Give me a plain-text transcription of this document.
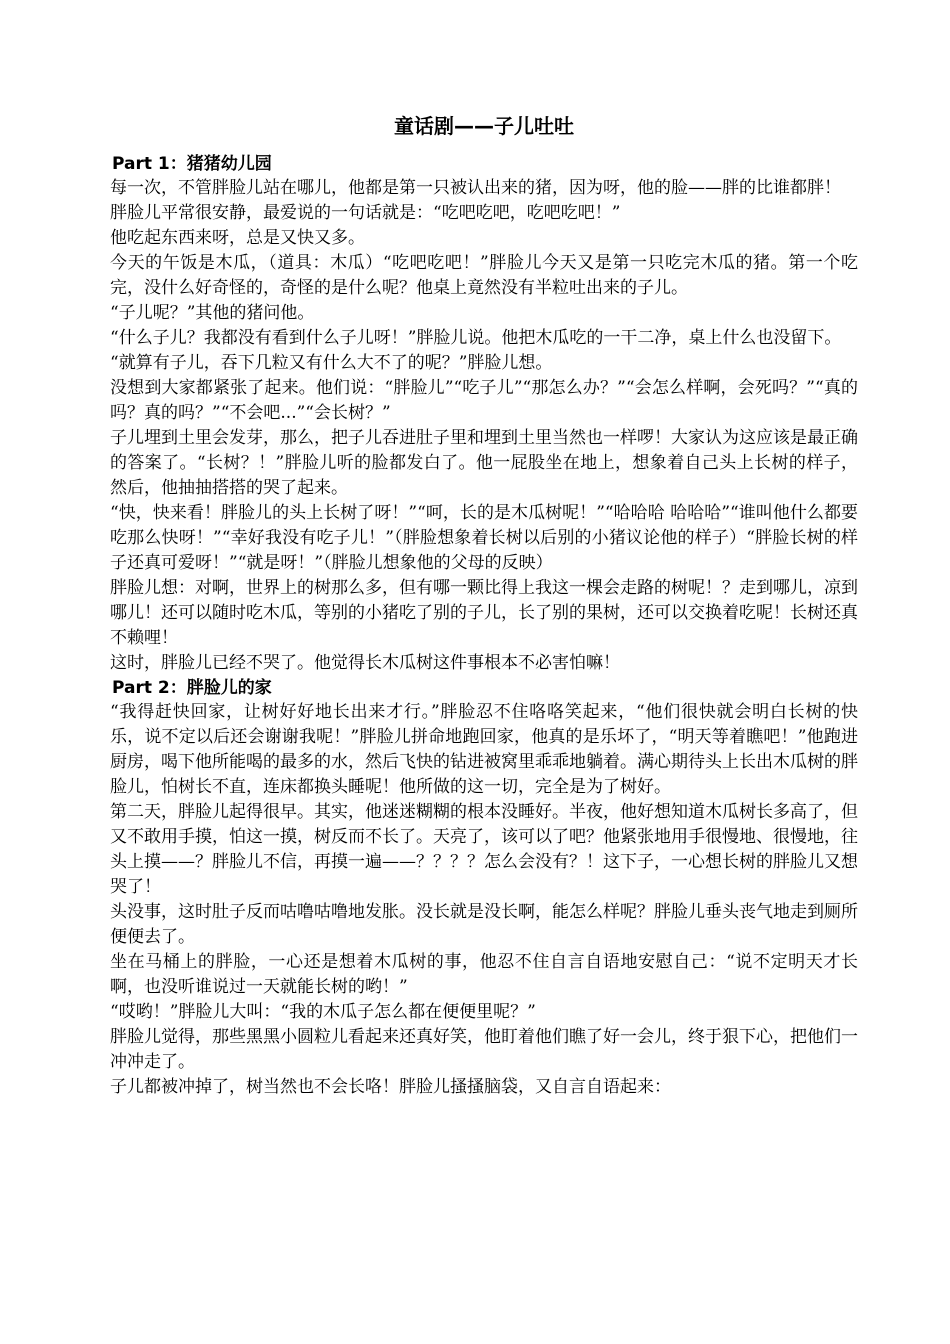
童话剧——子儿吐吐
Part 1：猪猪幼儿园

每一次，不管胖脸儿站在哪儿，他都是第一只被认出来的猪，因为呀，他的脸——胖的比谁都胖！

胖脸儿平常很安静，最爱说的一句话就是：“吃吧吃吧，吃吧吃吧！”

他吃起东西来呀，总是又快又多。

今天的午饭是木瓜，（道具：木瓜）“吃吧吃吧！”胖脸儿今天又是第一只吃完木瓜的猪。第一个吃完，没什么好奇怪的，奇怪的是什么呢？他桌上竟然没有半粒吐出来的子儿。

“子儿呢？”其他的猪问他。

“什么子儿？我都没有看到什么子儿呀！”胖脸儿说。他把木瓜吃的一干二净，桌上什么也没留下。

“就算有子儿，吞下几粒又有什么大不了的呢？”胖脸儿想。

没想到大家都紧张了起来。他们说：“胖脸儿”“吃子儿”“那怎么办？”“会怎么样啊，会死吗？”“真的吗？真的吗？”“不会吧...”“会长树？”

子儿埋到土里会发芽，那么，把子儿吞进肚子里和埋到土里当然也一样啰！大家认为这应该是最正确的答案了。“长树？！”胖脸儿听的脸都发白了。他一屁股坐在地上，想象着自己头上长树的样子，然后，他抽抽搭搭的哭了起来。

“快，快来看！胖脸儿的头上长树了呀！”“呵，长的是木瓜树呢！”“哈哈哈 哈哈哈”“谁叫他什么都要吃那么快呀！”“幸好我没有吃子儿！”（胖脸想象着长树以后别的小猪议论他的样子）“胖脸长树的样子还真可爱呀！”“就是呀！”（胖脸儿想象他的父母的反映）

胖脸儿想：对啊，世界上的树那么多，但有哪一颗比得上我这一棵会走路的树呢！？走到哪儿，凉到哪儿！还可以随时吃木瓜，等别的小猪吃了别的子儿，长了别的果树，还可以交换着吃呢！长树还真不赖哩！

这时，胖脸儿已经不哭了。他觉得长木瓜树这件事根本不必害怕嘛！

Part 2：胖脸儿的家

“我得赶快回家，让树好好地长出来才行。”胖脸忍不住咯咯笑起来，“他们很快就会明白长树的快乐，说不定以后还会谢谢我呢！”胖脸儿拼命地跑回家，他真的是乐坏了，“明天等着瞧吧！”他跑进厨房，喝下他所能喝的最多的水，然后飞快的钻进被窝里乖乖地躺着。满心期待头上长出木瓜树的胖脸儿，怕树长不直，连床都换头睡呢！他所做的这一切，完全是为了树好。

第二天，胖脸儿起得很早。其实，他迷迷糊糊的根本没睡好。半夜，他好想知道木瓜树长多高了，但又不敢用手摸，怕这一摸，树反而不长了。天亮了，该可以了吧？他紧张地用手很慢地、很慢地，往头上摸——？胖脸儿不信，再摸一遍——？？？？怎么会没有？！这下子，一心想长树的胖脸儿又想哭了！

头没事，这时肚子反而咕噜咕噜地发胀。没长就是没长啊，能怎么样呢？胖脸儿垂头丧气地走到厕所便便去了。

坐在马桶上的胖脸，一心还是想着木瓜树的事，他忍不住自言自语地安慰自己：“说不定明天才长啊，也没听谁说过一天就能长树的哟！”

“哎哟！”胖脸儿大叫：“我的木瓜子怎么都在便便里呢？”

胖脸儿觉得，那些黑黑小圆粒儿看起来还真好笑，他盯着他们瞧了好一会儿，终于狠下心，把他们一冲冲走了。

子儿都被冲掉了，树当然也不会长咯！胖脸儿搔搔脑袋，又自言自语起来：
